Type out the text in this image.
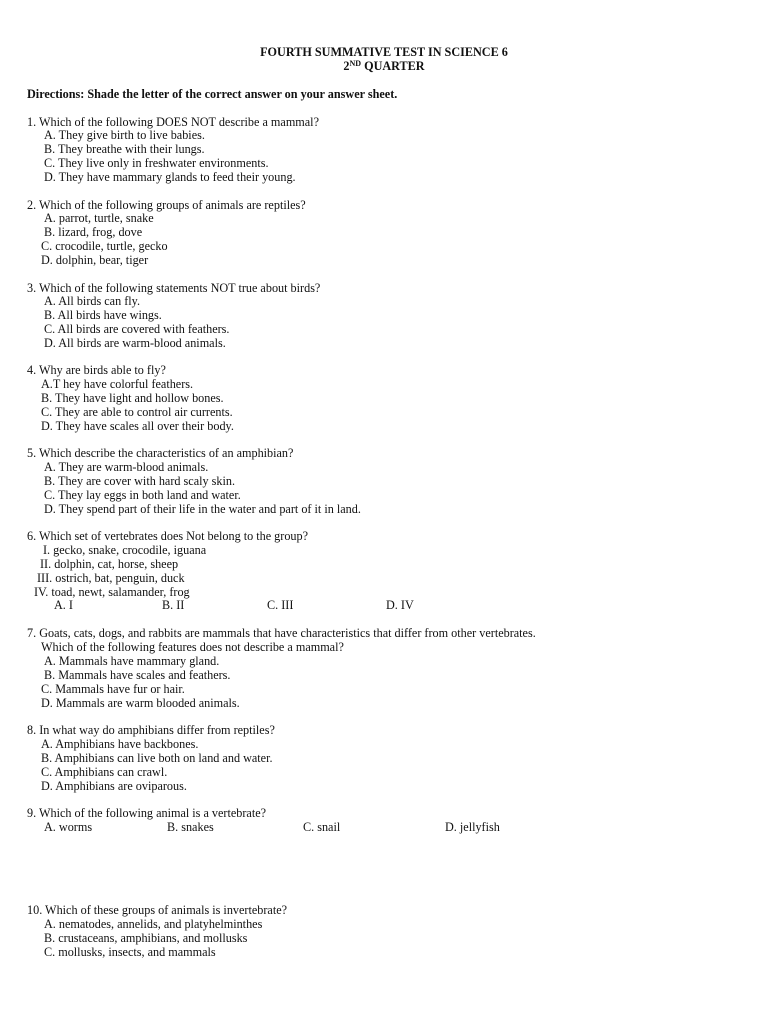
FOURTH SUMMATIVE TEST IN SCIENCE 6
2ND QUARTER
Directions: Shade the letter of the correct answer on your answer sheet.
1. Which of the following DOES NOT describe a mammal?
A. They give birth to live babies.
B. They breathe with their lungs.
C. They live only in freshwater environments.
D. They have mammary glands to feed their young.
2. Which of the following groups of animals are reptiles?
A. parrot, turtle, snake
B. lizard, frog, dove
C. crocodile, turtle, gecko
D. dolphin, bear, tiger
3. Which of the following statements NOT true about birds?
A. All birds can fly.
B. All birds have wings.
C. All birds are covered with feathers.
D. All birds are warm-blood animals.
4. Why are birds able to fly?
A.T hey have colorful feathers.
B. They have light and hollow bones.
C. They are able to control air currents.
D. They have scales all over their body.
5. Which describe the characteristics of an amphibian?
A. They are warm-blood animals.
B. They are cover with hard scaly skin.
C. They lay eggs in both land and water.
D. They spend part of their life in the water and part of it in land.
6. Which set of vertebrates does Not belong to the group?
I. gecko, snake, crocodile, iguana
II. dolphin, cat, horse, sheep
III. ostrich, bat, penguin, duck
IV. toad, newt, salamander, frog
A. I	B. II	C. III	D. IV
7. Goats, cats, dogs, and rabbits are mammals that have characteristics that differ from other vertebrates.
Which of the following features does not describe a mammal?
A. Mammals have mammary gland.
B. Mammals have scales and feathers.
C. Mammals have fur or hair.
D. Mammals are warm blooded animals.
8. In what way do amphibians differ from reptiles?
A. Amphibians have backbones.
B. Amphibians can live both on land and water.
C. Amphibians can crawl.
D. Amphibians are oviparous.
9. Which of the following animal is a vertebrate?
A. worms	B. snakes	C. snail	D. jellyfish
10. Which of these groups of animals is invertebrate?
A. nematodes, annelids, and platyhelminthes
B. crustaceans, amphibians, and mollusks
C. mollusks, insects, and mammals
